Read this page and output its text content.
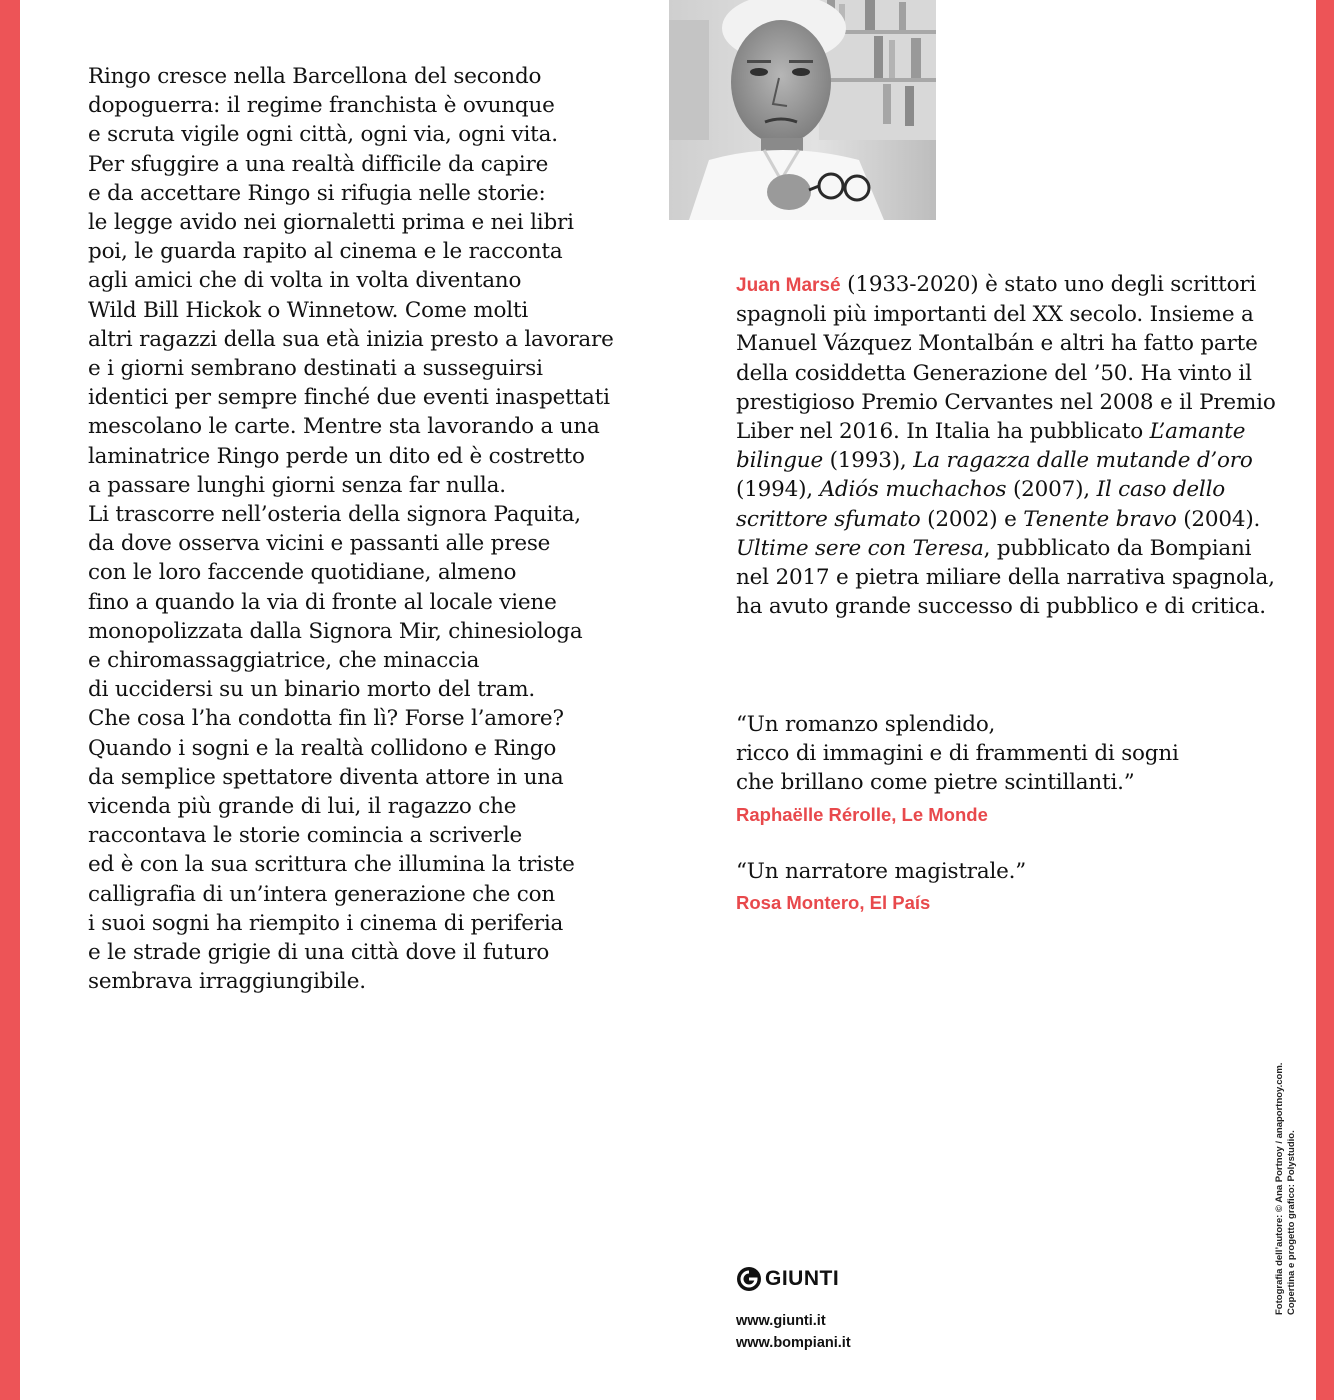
Ringo cresce nella Barcellona del secondo
dopoguerra: il regime franchista è ovunque
e scruta vigile ogni città, ogni via, ogni vita.
Per sfuggire a una realtà difficile da capire
e da accettare Ringo si rifugia nelle storie:
le legge avido nei giornaletti prima e nei libri
poi, le guarda rapito al cinema e le racconta
agli amici che di volta in volta diventano
Wild Bill Hickok o Winnetow. Come molti
altri ragazzi della sua età inizia presto a lavorare
e i giorni sembrano destinati a susseguirsi
identici per sempre finché due eventi inaspettati
mescolano le carte. Mentre sta lavorando a una
laminatrice Ringo perde un dito ed è costretto
a passare lunghi giorni senza far nulla.
Li trascorre nell’osteria della signora Paquita,
da dove osserva vicini e passanti alle prese
con le loro faccende quotidiane, almeno
fino a quando la via di fronte al locale viene
monopolizzata dalla Signora Mir, chinesiologa
e chiromassaggiatrice, che minaccia
di uccidersi su un binario morto del tram.
Che cosa l’ha condotta fin lì? Forse l’amore?
Quando i sogni e la realtà collidono e Ringo
da semplice spettatore diventa attore in una
vicenda più grande di lui, il ragazzo che
raccontava le storie comincia a scriverle
ed è con la sua scrittura che illumina la triste
calligrafia di un’intera generazione che con
i suoi sogni ha riempito i cinema di periferia
e le strade grigie di una città dove il futuro
sembrava irraggiungibile.
Juan Marsé (1933-2020) è stato uno degli scrittori
spagnoli più importanti del XX secolo. Insieme a
Manuel Vázquez Montalbán e altri ha fatto parte
della cosiddetta Generazione del ’50. Ha vinto il
prestigioso Premio Cervantes nel 2008 e il Premio
Liber nel 2016. In Italia ha pubblicato L’amante
bilingue (1993), La ragazza dalle mutande d’oro
(1994), Adiós muchachos (2007), Il caso dello
scrittore sfumato (2002) e Tenente bravo (2004).
Ultime sere con Teresa, pubblicato da Bompiani
nel 2017 e pietra miliare della narrativa spagnola,
ha avuto grande successo di pubblico e di critica.
“Un romanzo splendido,
ricco di immagini e di frammenti di sogni
che brillano come pietre scintillanti.”
Raphaëlle Rérolle, Le Monde
“Un narratore magistrale.”
Rosa Montero, El País
GIUNTI
www.giunti.it
www.bompiani.it
Fotografia dell’autore: © Ana Portnoy / anaportnoy.com. Copertina e progetto grafico: Polystudio.
